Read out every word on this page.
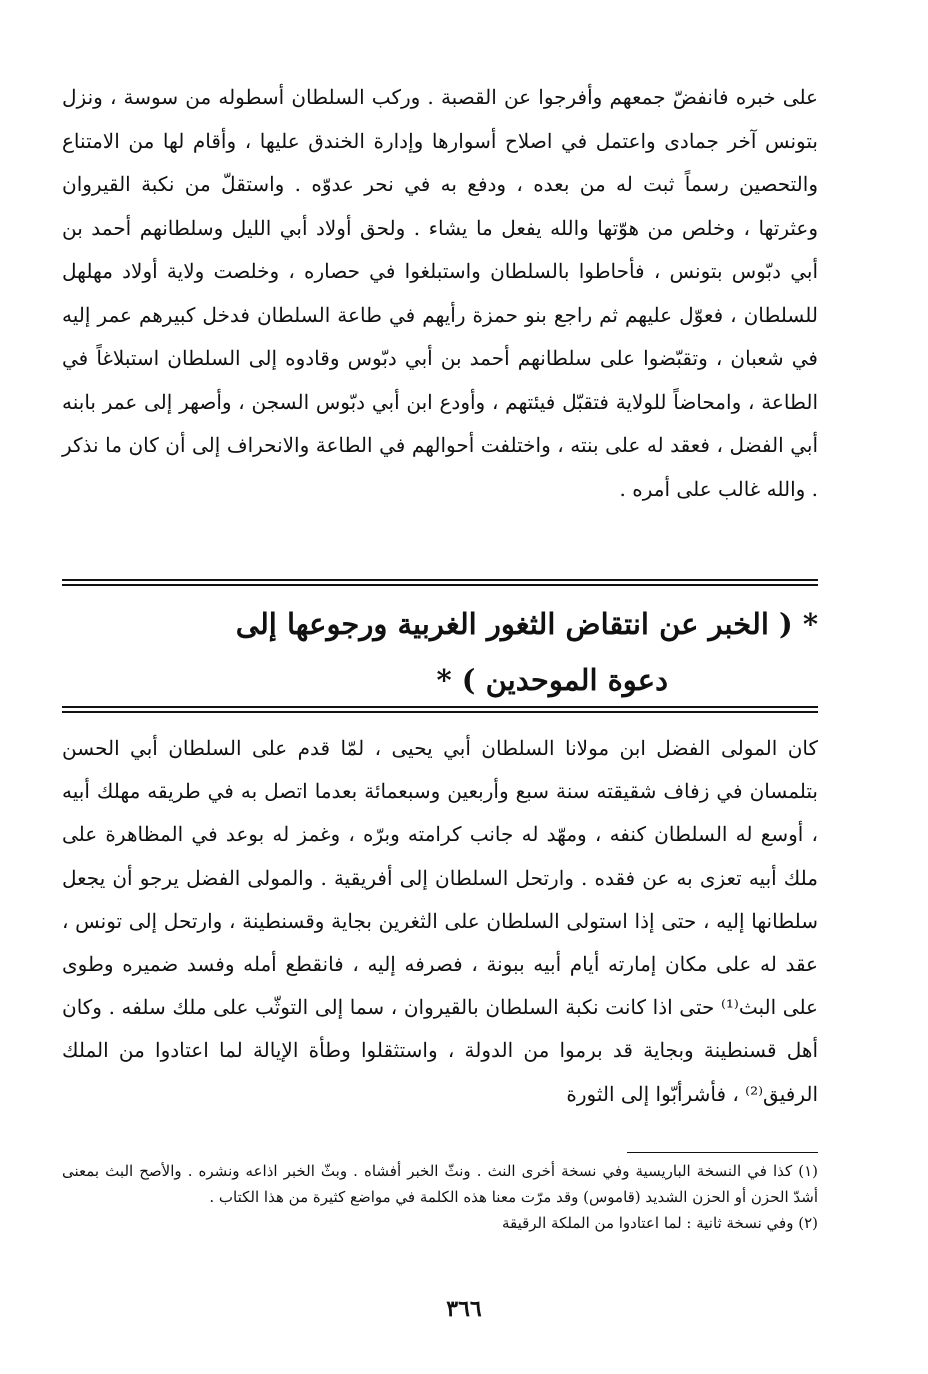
على خبره فانفضّ جمعهم وأفرجوا عن القصبة . وركب السلطان أسطوله من سوسة ، ونزل بتونس آخر جمادى واعتمل في اصلاح أسوارها وإدارة الخندق عليها ، وأقام لها من الامتناع والتحصين رسماً ثبت له من بعده ، ودفع به في نحر عدوّه . واستقلّ من نكبة القيروان وعثرتها ، وخلص من هوّتها والله يفعل ما يشاء . ولحق أولاد أبي الليل وسلطانهم أحمد بن أبي دبّوس بتونس ، فأحاطوا بالسلطان واستبلغوا في حصاره ، وخلصت ولاية أولاد مهلهل للسلطان ، فعوّل عليهم ثم راجع بنو حمزة رأيهم في طاعة السلطان فدخل كبيرهم عمر إليه في شعبان ، وتقبّضوا على سلطانهم أحمد بن أبي دبّوس وقادوه إلى السلطان استبلاغاً في الطاعة ، وامحاضاً للولاية فتقبّل فيئتهم ، وأودع ابن أبي دبّوس السجن ، وأصهر إلى عمر بابنه أبي الفضل ، فعقد له على بنته ، واختلفت أحوالهم في الطاعة والانحراف إلى أن كان ما نذكر . والله غالب على أمره .

* ( الخبر عن انتقاض الثغور الغربية ورجوعها إلى
دعوة الموحدين ) *

كان المولى الفضل ابن مولانا السلطان أبي يحيى ، لمّا قدم على السلطان أبي الحسن بتلمسان في زفاف شقيقته سنة سبع وأربعين وسبعمائة بعدما اتصل به في طريقه مهلك أبيه ، أوسع له السلطان كنفه ، ومهّد له جانب كرامته وبرّه ، وغمز له بوعد في المظاهرة على ملك أبيه تعزى به عن فقده . وارتحل السلطان إلى أفريقية . والمولى الفضل يرجو أن يجعل سلطانها إليه ، حتى إذا استولى السلطان على الثغرين بجاية وقسنطينة ، وارتحل إلى تونس ، عقد له على مكان إمارته أيام أبيه ببونة ، فصرفه إليه ، فانقطع أمله وفسد ضميره وطوى على البث⁽¹⁾ حتى اذا كانت نكبة السلطان بالقيروان ، سما إلى التوثّب على ملك سلفه . وكان أهل قسنطينة وبجاية قد برموا من الدولة ، واستثقلوا وطأة الإيالة لما اعتادوا من الملك الرفيق⁽²⁾ ، فأشرأبّوا إلى الثورة

(١) كذا في النسخة الباريسية وفي نسخة أخرى النث . ونثّ الخبر أفشاه . وبثّ الخبر اذاعه ونشره . والأصح البث بمعنى أشدّ الحزن أو الحزن الشديد (قاموس) وقد مرّت معنا هذه الكلمة في مواضع كثيرة من هذا الكتاب .

(٢) وفي نسخة ثانية : لما اعتادوا من الملكة الرقيقة

٣٦٦
